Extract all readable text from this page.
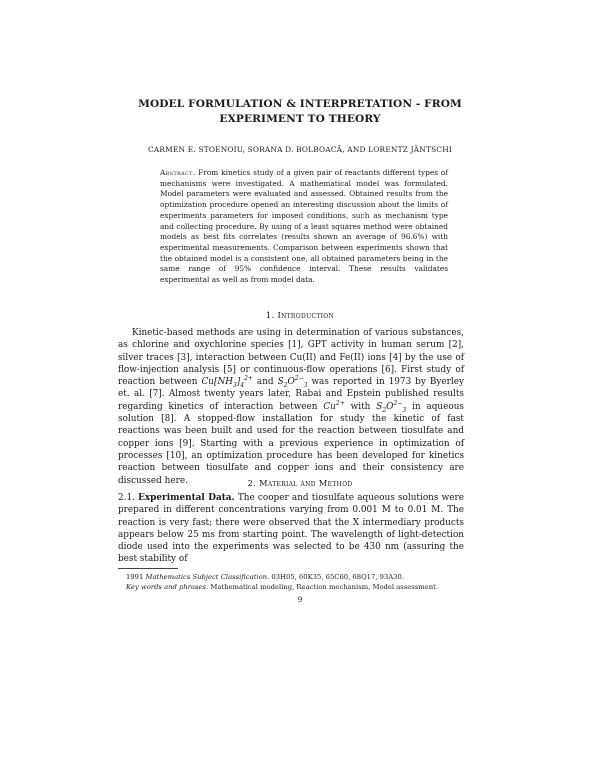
MODEL FORMULATION & INTERPRETATION - FROM
EXPERIMENT TO THEORY
CARMEN E. STOENOIU, SORANA D. BOLBOACĂ, AND LORENTZ JÄNTSCHI
Abstract. From kinetics study of a given pair of reactants different types of mechanisms were investigated. A mathematical model was formulated. Model parameters were evaluated and assessed. Obtained results from the optimization procedure opened an interesting discussion about the limits of experiments parameters for imposed conditions, such as mechanism type and collecting procedure. By using of a least squares method were obtained models as best fits correlates (results shown an average of 96.6%) with experimental measurements. Comparison between experiments shown that the obtained model is a consistent one, all obtained parameters being in the same range of 95% confidence interval. These results validates experimental as well as from model data.
1. Introduction
Kinetic-based methods are using in determination of various substances, as chlorine and oxychlorine species [1], GPT activity in human serum [2], silver traces [3], interaction between Cu(II) and Fe(II) ions [4] by the use of flow-injection analysis [5] or continuous-flow operations [6]. First study of reaction between $Cu[NH_3]_4^{2+}$ and $S_2O^{2-}_3$ was reported in 1973 by Byerley et. al. [7]. Almost twenty years later, Rabai and Epstein published results regarding kinetics of interaction between $Cu^{2+}$ with $S_2O^{2-}_3$ in aqueous solution [8]. A stopped-flow installation for study the kinetic of fast reactions was been built and used for the reaction between tiosulfate and copper ions [9]. Starting with a previous experience in optimization of processes [10], an optimization procedure has been developed for kinetics reaction between tiosulfate and copper ions and their consistency are discussed here.	2. Material and Method
2.1. Experimental Data. The cooper and tiosulfate aqueous solutions were prepared in different concentrations varying from 0.001 M to 0.01 M. The reaction is very fast; there were observed that the X intermediary products appears below 25 ms from starting point. The wavelength of light-detection diode used into the experiments was selected to be 430 nm (assuring the best stability of
1991 Mathematics Subject Classification. 03H05, 60K35, 65C60, 68Q17, 93A30.
Key words and phrases. Mathematical modeling, Reaction mechanism, Model assessment.
9
